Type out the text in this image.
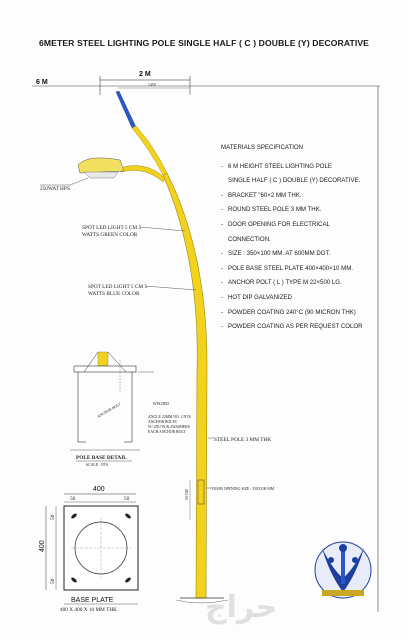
6METER STEEL LIGHTING POLE SINGLE HALF ( C ) DOUBLE (Y) DECORATIVE
MATERIALS SPECIFICATION
- 6 M HEIGHT STEEL LIGHTING POLE
SINGLE HALF ( C ) DOUBLE (Y) DECORATIVE.
- BRACKET "60×2 MM THK.
- ROUND STEEL POLE 3 MM THK.
- DOOR OPENING FOR ELECTRICAL
CONNECTION.
- SIZE : 350×100 MM. AT 600MM DOT.
- POLE BASE STEEL PLATE 400×400×10 MM.
- ANCHOR POLT ( L ) TYPE M 22×500 LG.
- HOT DIP GALVANIZED
- POWDER COATING 240°C (90 MICRON THK)
- POWDER COATING AS PER REQUEST COLOR
6 M
2 M
1450
250WAT HPS
SPOT LED LIGHT 5 CM 5
WATTS GREEN COLOR
SPOT LED LIGHT 5 CM 5
WATTS BLUE COLOR
WELDED
ANCHOR BOLT	ANGLE 22MM NO. 2 NTS
ANCHOR BOLTS
W/ 2NUTS & 2WASHERS
EACH ANCHOR BOLT
POLE BASE DETAIL
SCALE : NTS
STEEL POLE 3 MM THK
50 CM
DOOR OPENING SIZE : 350X100 MM
400
50	50
400
50
50
BASE PLATE
400 X 400 X 10 MM THK	حراج
